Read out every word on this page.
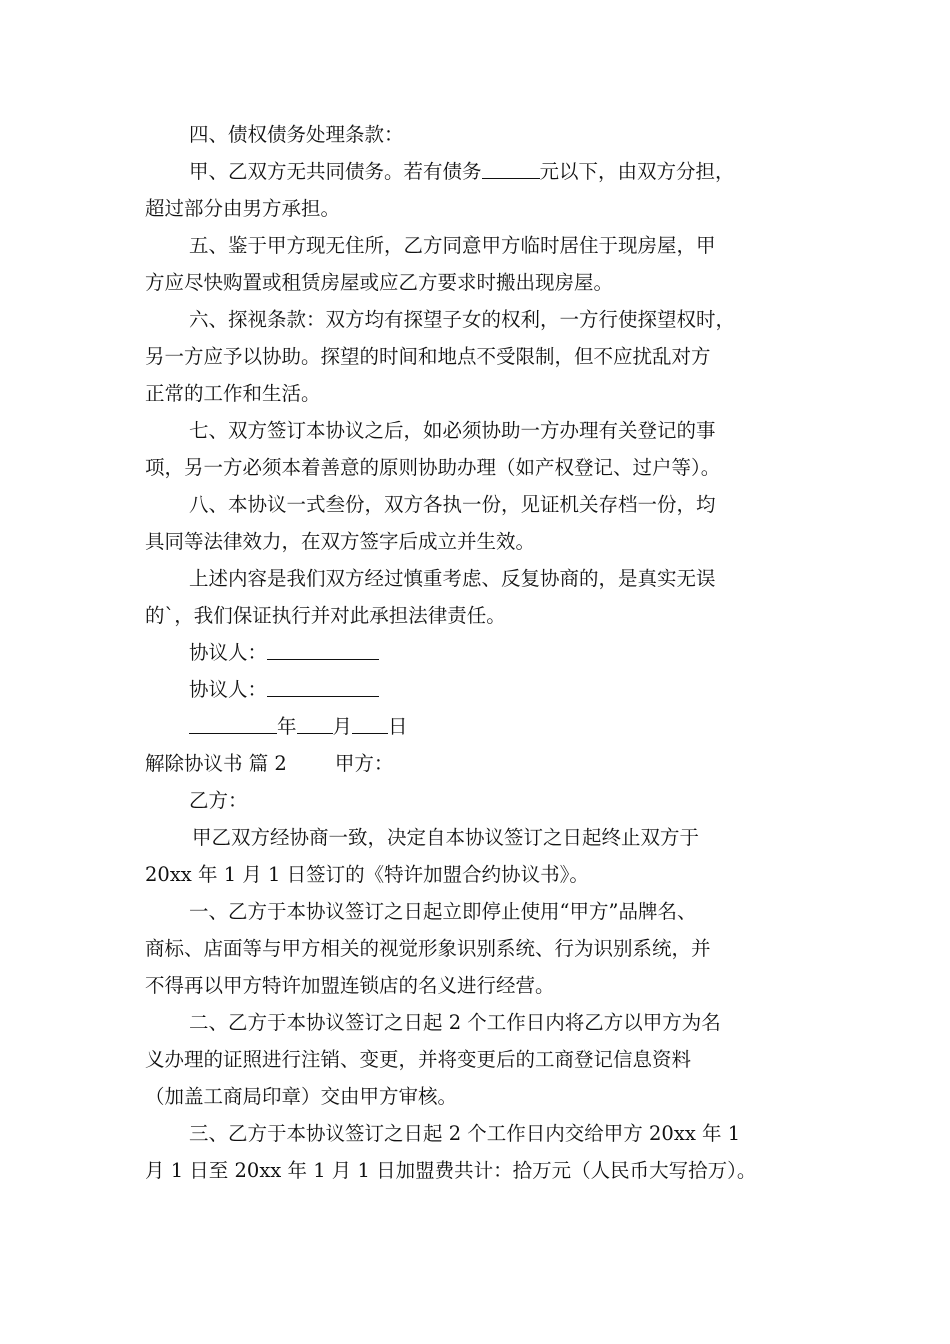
四、债权债务处理条款：
甲、乙双方无共同债务。若有债务	元以下，由双方分担，
超过部分由男方承担。
五、鉴于甲方现无住所，乙方同意甲方临时居住于现房屋，甲
方应尽快购置或租赁房屋或应乙方要求时搬出现房屋。
六、探视条款：双方均有探望子女的权利，一方行使探望权时，
另一方应予以协助。探望的时间和地点不受限制，但不应扰乱对方
正常的工作和生活。
七、双方签订本协议之后，如必须协助一方办理有关登记的事
项，另一方必须本着善意的原则协助办理（如产权登记、过户等）。
八、本协议一式叁份，双方各执一份，见证机关存档一份，均
具同等法律效力，在双方签字后成立并生效。
上述内容是我们双方经过慎重考虑、反复协商的，是真实无误
的`，我们保证执行并对此承担法律责任。
协议人：
协议人：
年 月 日
解除协议书 篇 2 甲方：
乙方：
甲乙双方经协商一致，决定自本协议签订之日起终止双方于
20xx 年 1 月 1 日签订的《特许加盟合约协议书》。
一、乙方于本协议签订之日起立即停止使用“甲方”品牌名、
商标、店面等与甲方相关的视觉形象识别系统、行为识别系统，并
不得再以甲方特许加盟连锁店的名义进行经营。
二、乙方于本协议签订之日起 2 个工作日内将乙方以甲方为名
义办理的证照进行注销、变更，并将变更后的工商登记信息资料
（加盖工商局印章）交由甲方审核。
三、乙方于本协议签订之日起 2 个工作日内交给甲方 20xx 年 1
月 1 日至 20xx 年 1 月 1 日加盟费共计：拾万元（人民币大写拾万）。
